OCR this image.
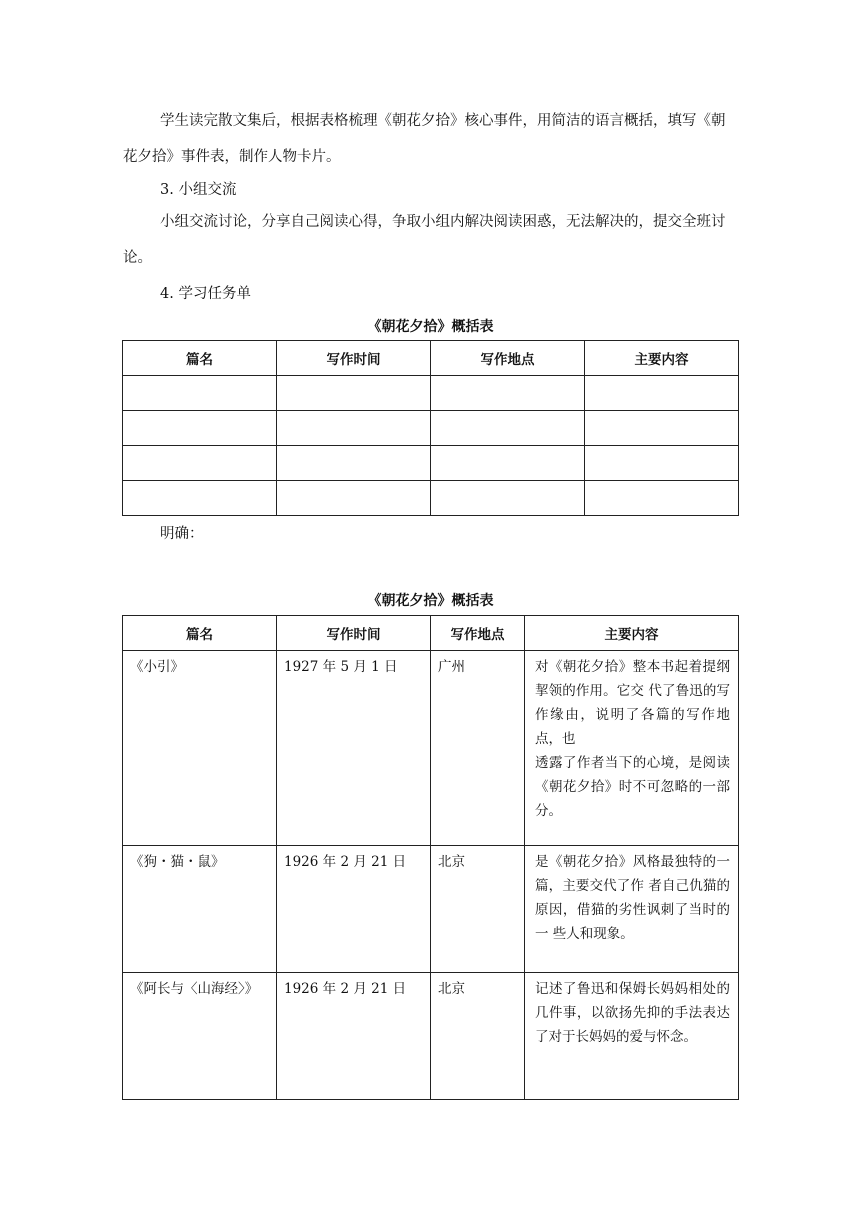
学生读完散文集后，根据表格梳理《朝花夕拾》核心事件，用简洁的语言概括，填写《朝花夕拾》事件表，制作人物卡片。

3. 小组交流

小组交流讨论，分享自己阅读心得，争取小组内解决阅读困惑，无法解决的，提交全班讨论。

4. 学习任务单

《朝花夕拾》概括表

篇名	写作时间	写作地点	主要内容

明确：

《朝花夕拾》概括表

篇名	写作时间	写作地点	主要内容
《小引》	1927 年 5 月 1 日	广州	对《朝花夕拾》整本书起着提纲挈领的作用。它交 代了鲁迅的写作缘由，说明了各篇的写作地点，也
透露了作者当下的心境，是阅读《朝花夕拾》时不可忽略的一部分。

《狗・猫・鼠》	1926 年 2 月 21 日	北京	是《朝花夕拾》风格最独特的一篇，主要交代了作 者自己仇猫的原因，借猫的劣性讽刺了当时的一 些人和现象。

《阿长与〈山海经〉》	1926 年 2 月 21 日	北京	记述了鲁迅和保姆长妈妈相处的几件事，以欲扬先抑的手法表达了对于长妈妈的爱与怀念。
